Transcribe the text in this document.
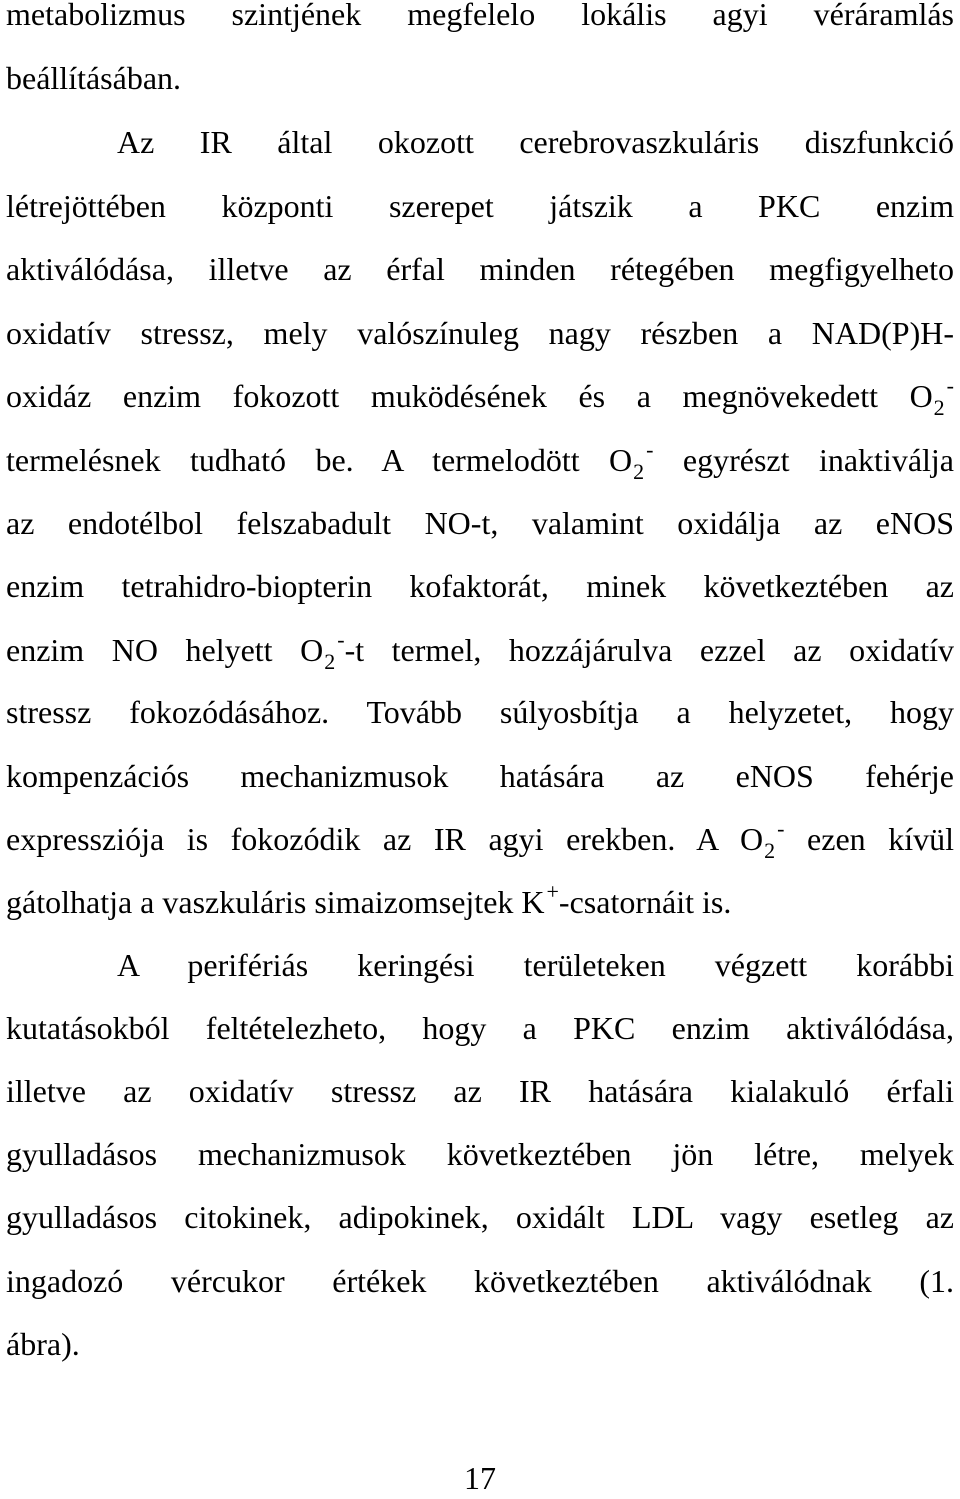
metabolizmus szintjének megfelelo lokális agyi véráramlás
beállításában.
Az IR által okozott cerebrovaszkuláris diszfunkció
létrejöttében központi szerepet játszik a PKC enzim
aktiválódása, illetve az érfal minden rétegében megfigyelheto
oxidatív stressz, mely valószínuleg nagy részben a NAD(P)H-
oxidáz enzim fokozott muködésének és a megnövekedett $O_2^-$
termelésnek tudható be. A termelodött $O_2^-$ egyrészt inaktiválja
az endotélbol felszabadult NO-t, valamint oxidálja az eNOS
enzim tetrahidro-biopterin kofaktorát, minek következtében az
enzim NO helyett $O_2^--t$ termel, hozzájárulva ezzel az oxidatív
stressz fokozódásához. Tovább súlyosbítja a helyzetet, hogy
kompenzációs mechanizmusok hatására az eNOS fehérje
expressziója is fokozódik az IR agyi erekben. A $O_2^-$ ezen kívül
gátolhatja a vaszkuláris simaizomsejtek K+-csatornáit is.
A perifériás keringési területeken végzett korábbi
kutatásokból feltételezheto, hogy a PKC enzim aktiválódása,
illetve az oxidatív stressz az IR hatására kialakuló érfali
gyulladásos mechanizmusok következtében jön létre, melyek
gyulladásos citokinek, adipokinek, oxidált LDL vagy esetleg az
ingadozó vércukor értékek következtében aktiválódnak (1.
ábra).
17
